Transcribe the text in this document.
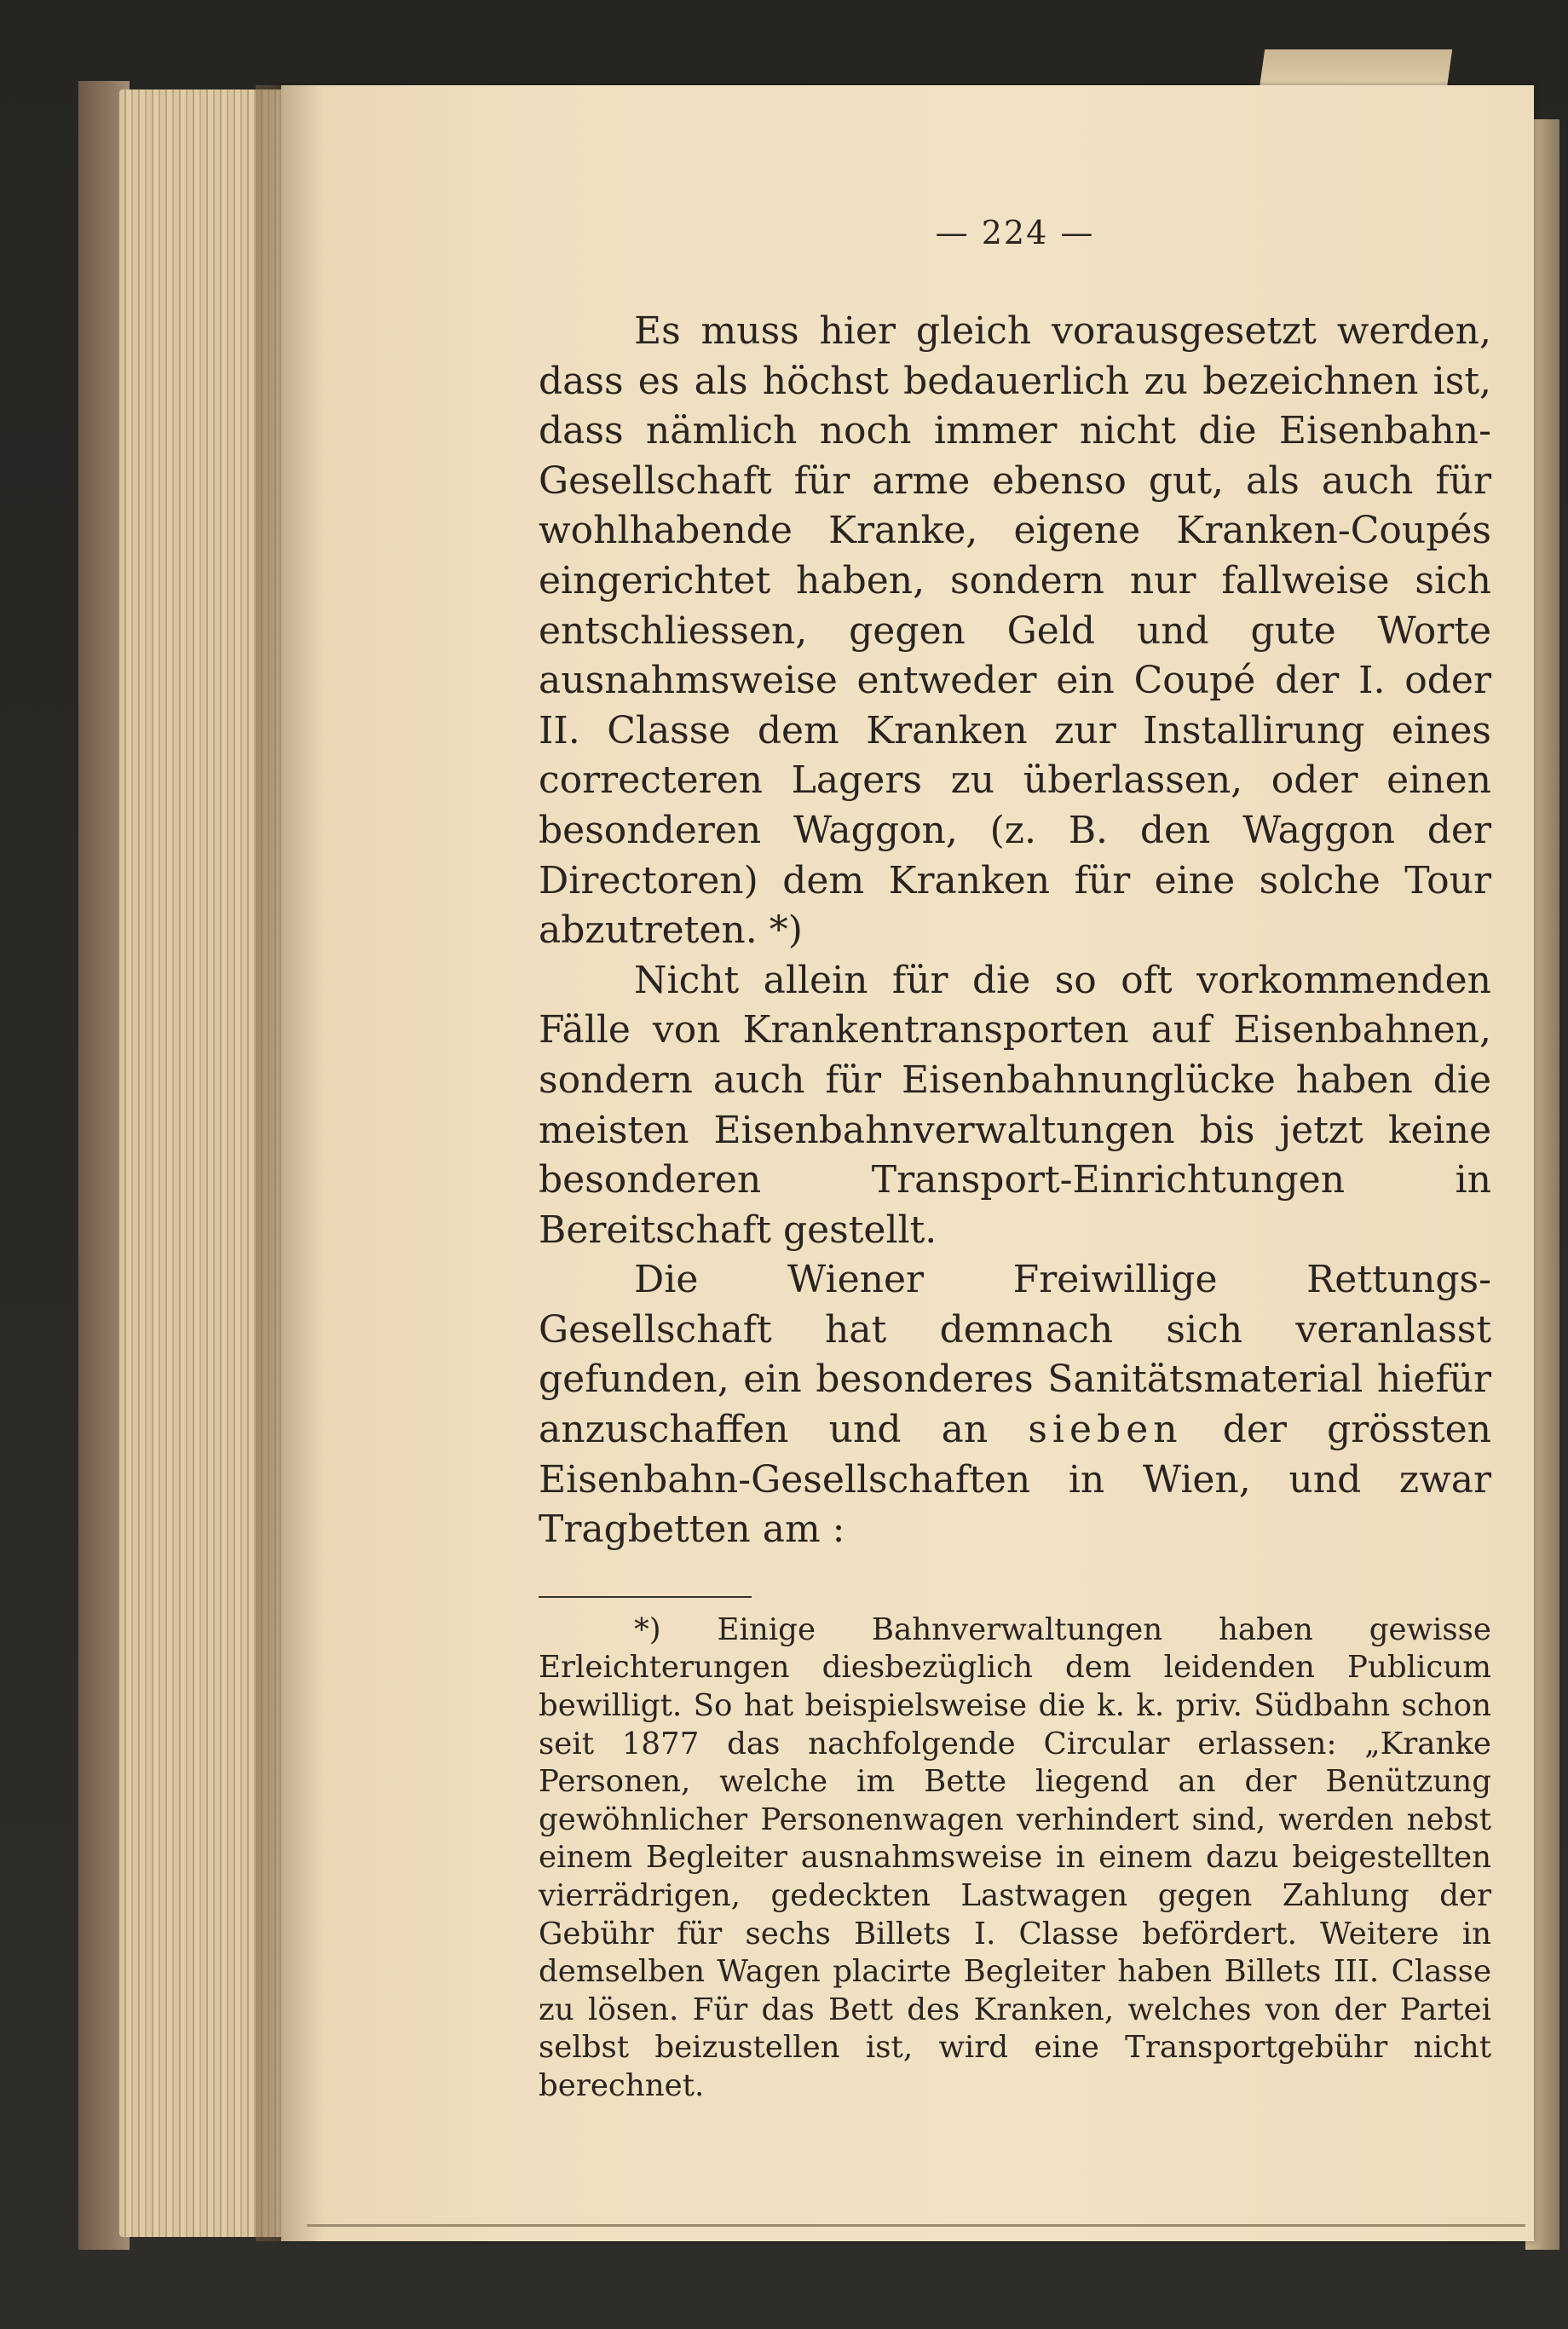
— 224 —

Es muss hier gleich vorausgesetzt werden, dass es als höchst bedauerlich zu bezeichnen ist, dass nämlich noch immer nicht die Eisenbahn-Gesellschaft für arme ebenso gut, als auch für wohlhabende Kranke, eigene Kranken-Coupés eingerichtet haben, sondern nur fallweise sich entschliessen, gegen Geld und gute Worte ausnahmsweise entweder ein Coupé der I. oder II. Classe dem Kranken zur Installirung eines correcteren Lagers zu überlassen, oder einen besonderen Waggon, (z. B. den Waggon der Directoren) dem Kranken für eine solche Tour abzutreten. *)

Nicht allein für die so oft vorkommenden Fälle von Krankentransporten auf Eisenbahnen, sondern auch für Eisenbahnunglücke haben die meisten Eisenbahnverwaltungen bis jetzt keine besonderen Transport-Einrichtungen in Bereitschaft gestellt.

Die Wiener Freiwillige Rettungs-Gesellschaft hat demnach sich veranlasst gefunden, ein besonderes Sanitätsmaterial hiefür anzuschaffen und an sieben der grössten Eisenbahn-Gesellschaften in Wien, und zwar Tragbetten am :

*) Einige Bahnverwaltungen haben gewisse Erleichterungen diesbezüglich dem leidenden Publicum bewilligt. So hat beispielsweise die k. k. priv. Südbahn schon seit 1877 das nachfolgende Circular erlassen: „Kranke Personen, welche im Bette liegend an der Benützung gewöhnlicher Personenwagen verhindert sind, werden nebst einem Begleiter ausnahmsweise in einem dazu beigestellten vierrädrigen, gedeckten Lastwagen gegen Zahlung der Gebühr für sechs Billets I. Classe befördert. Weitere in demselben Wagen placirte Begleiter haben Billets III. Classe zu lösen. Für das Bett des Kranken, welches von der Partei selbst beizustellen ist, wird eine Transportgebühr nicht berechnet.
